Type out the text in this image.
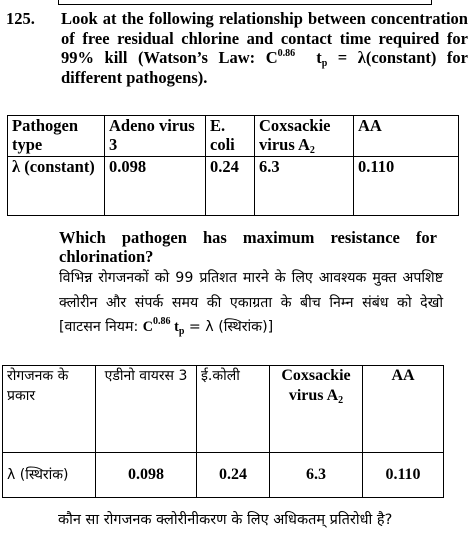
125. Look at the following relationship between concentration of free residual chlorine and contact time required for 99% kill (Watson’s Law: $C^{0.86}$ $t_p$ = λ(constant) for different pathogens).
Pathogen type	Adeno virus 3	E. coli	Coxsackie virus $A_2$	AA
λ (constant)	0.098	0.24	6.3	0.110
Which pathogen has maximum resistance for chlorination?
विभिन्न रोगजनकों को 99 प्रतिशत मारने के लिए आवश्यक मुक्त अपशिष्ट क्लोरीन और संपर्क समय की एकाग्रता के बीच निम्न संबंध को देखो [वाटसन नियम: $C^{0.86}$ $t_p = \lambda$ (स्थिरांक)]
रोगजनक के प्रकार	एडीनो वायरस 3	ई.कोली	Coxsackie virus $A_2$	AA
λ (स्थिरांक)	0.098	0.24	6.3	0.110
कौन सा रोगजनक क्लोरीनीकरण के लिए अधिकतम् प्रतिरोधी है?
